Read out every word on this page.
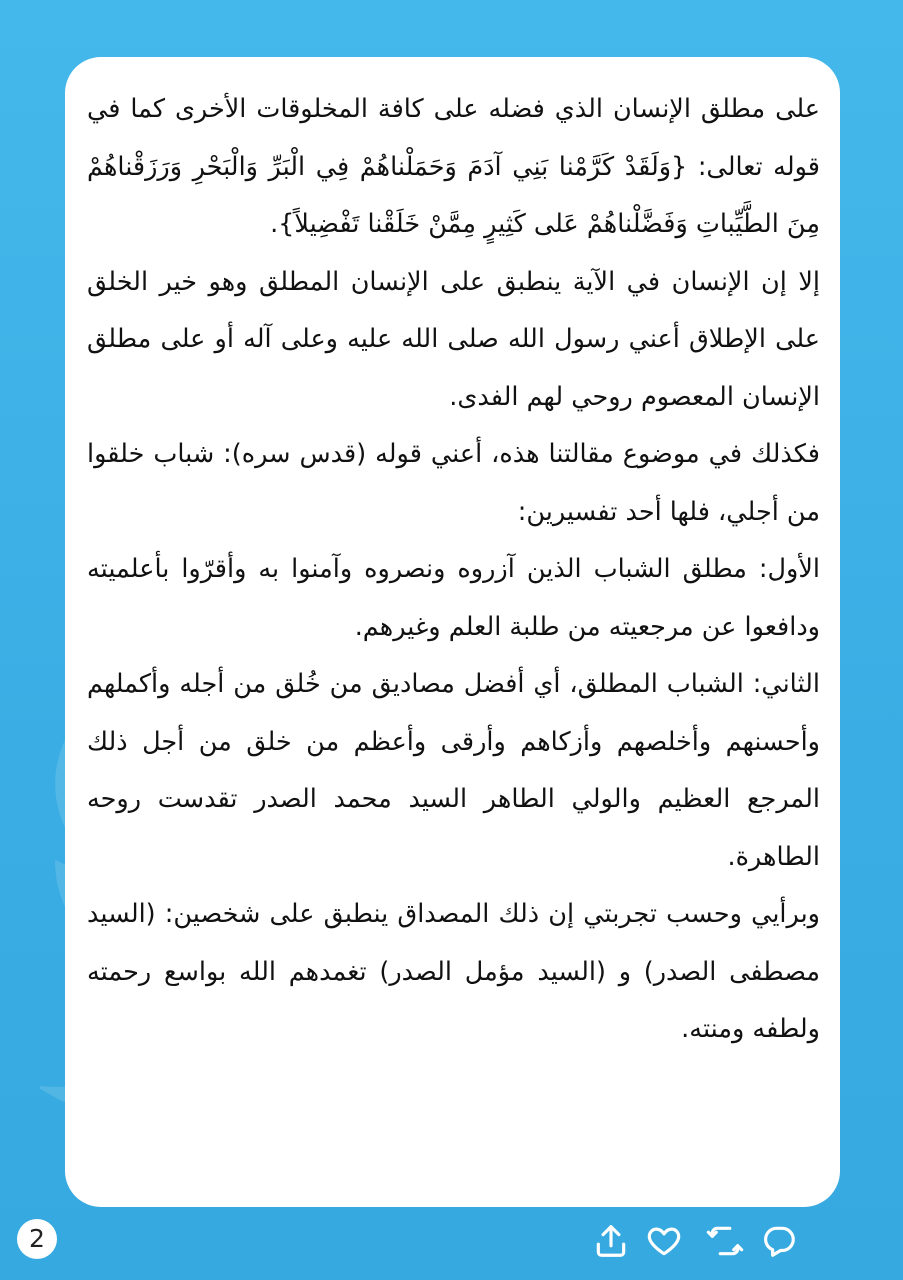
على مطلق الإنسان الذي فضله على كافة المخلوقات الأخرى كما في قوله تعالى: {وَلَقَدْ كَرَّمْنا بَنِي آدَمَ وَحَمَلْناهُمْ فِي الْبَرِّ وَالْبَحْرِ وَرَزَقْناهُمْ مِنَ الطَّيِّباتِ وَفَضَّلْناهُمْ عَلى كَثِيرٍ مِمَّنْ خَلَقْنا تَفْضِيلاً}.

إلا إن الإنسان في الآية ينطبق على الإنسان المطلق وهو خير الخلق على الإطلاق أعني رسول الله صلى الله عليه وعلى آله أو على مطلق الإنسان المعصوم روحي لهم الفدى.

فكذلك في موضوع مقالتنا هذه، أعني قوله (قدس سره): شباب خلقوا من أجلي، فلها أحد تفسيرين:

الأول: مطلق الشباب الذين آزروه ونصروه وآمنوا به وأقرّوا بأعلميته ودافعوا عن مرجعيته من طلبة العلم وغيرهم.

الثاني: الشباب المطلق، أي أفضل مصاديق من خُلق من أجله وأكملهم وأحسنهم وأخلصهم وأزكاهم وأرقى وأعظم من خلق من أجل ذلك المرجع العظيم والولي الطاهر السيد محمد الصدر تقدست روحه الطاهرة.

وبرأيي وحسب تجربتي إن ذلك المصداق ينطبق على شخصين: (السيد مصطفى الصدر) و (السيد مؤمل الصدر) تغمدهم الله بواسع رحمته ولطفه ومنته.

2
